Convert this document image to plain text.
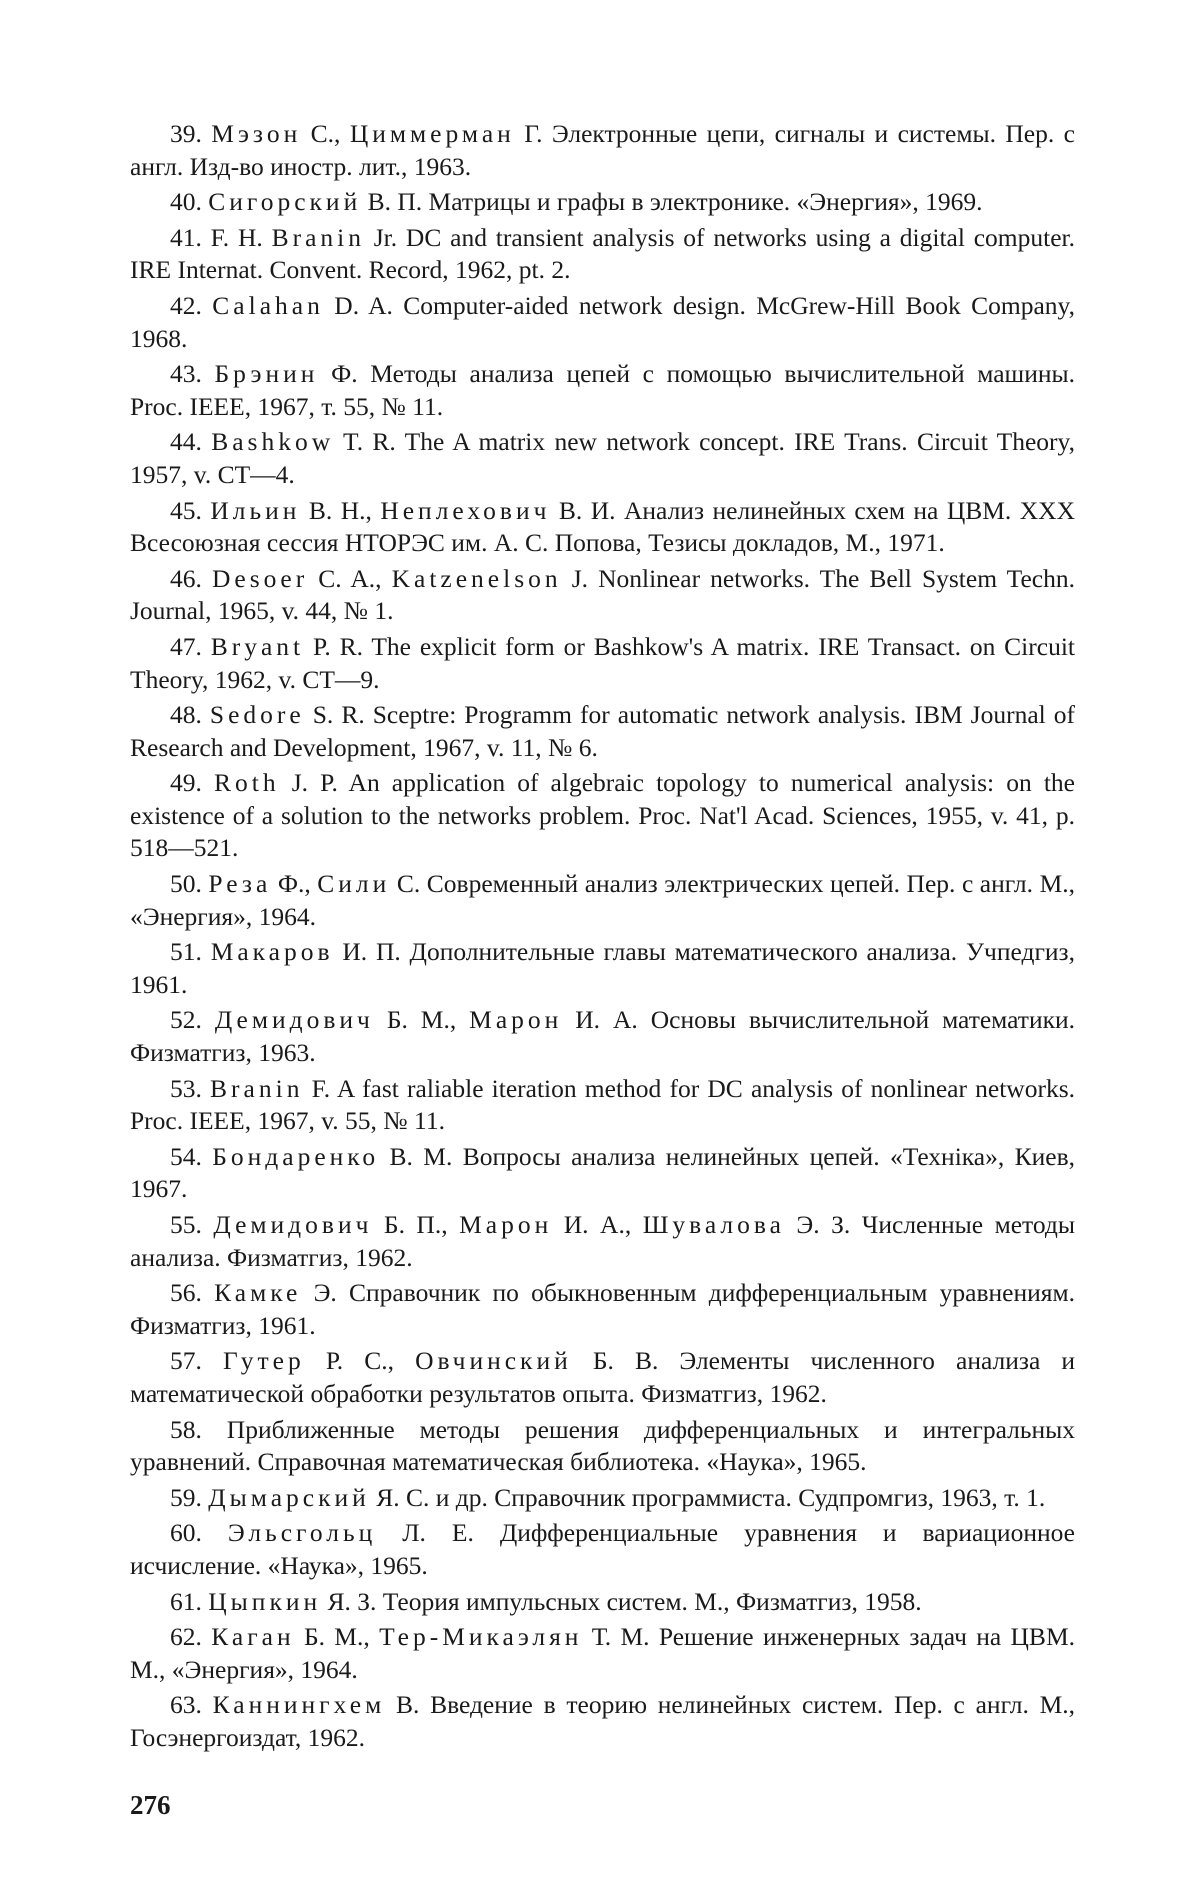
39. Мэзон С., Циммерман Г. Электронные цепи, сигналы и системы. Пер. с англ. Изд-во иностр. лит., 1963.

40. Сигорский В. П. Матрицы и графы в электронике. «Энергия», 1969.

41. F. H. Branin Jr. DC and transient analysis of networks using a digital computer. IRE Internat. Convent. Record, 1962, pt. 2.

42. Calahan D. A. Computer-aided network design. McGrew-Hill Book Company, 1968.

43. Брэнин Ф. Методы анализа цепей с помощью вычислительной машины. Proc. IEEE, 1967, т. 55, № 11.

44. Bashkow T. R. The A matrix new network concept. IRE Trans. Circuit Theory, 1957, v. CT—4.

45. Ильин В. Н., Неплехович В. И. Анализ нелинейных схем на ЦВМ. XXX Всесоюзная сессия НТОРЭС им. А. С. Попова, Тезисы докладов, М., 1971.

46. Desoer C. A., Katzenelson J. Nonlinear networks. The Bell System Techn. Journal, 1965, v. 44, № 1.

47. Bryant P. R. The explicit form or Bashkow's A matrix. IRE Transact. on Circuit Theory, 1962, v. CT—9.

48. Sedore S. R. Sceptre: Programm for automatic network analysis. IBM Journal of Research and Development, 1967, v. 11, № 6.

49. Roth J. P. An application of algebraic topology to numerical analysis: on the existence of a solution to the networks problem. Proc. Nat'l Acad. Sciences, 1955, v. 41, p. 518—521.

50. Реза Ф., Сили С. Современный анализ электрических цепей. Пер. с англ. М., «Энергия», 1964.

51. Макаров И. П. Дополнительные главы математического анализа. Учпедгиз, 1961.

52. Демидович Б. М., Марон И. А. Основы вычислительной математики. Физматгиз, 1963.

53. Branin F. A fast raliable iteration method for DC analysis of nonlinear networks. Proc. IEEE, 1967, v. 55, № 11.

54. Бондаренко В. М. Вопросы анализа нелинейных цепей. «Техніка», Киев, 1967.

55. Демидович Б. П., Марон И. А., Шувалова Э. З. Численные методы анализа. Физматгиз, 1962.

56. Камке Э. Справочник по обыкновенным дифференциальным уравнениям. Физматгиз, 1961.

57. Гутер Р. С., Овчинский Б. В. Элементы численного анализа и математической обработки результатов опыта. Физматгиз, 1962.

58. Приближенные методы решения дифференциальных и интегральных уравнений. Справочная математическая библиотека. «Наука», 1965.

59. Дымарский Я. С. и др. Справочник программиста. Судпромгиз, 1963, т. 1.

60. Эльсгольц Л. Е. Дифференциальные уравнения и вариационное исчисление. «Наука», 1965.

61. Цыпкин Я. З. Теория импульсных систем. М., Физматгиз, 1958.

62. Каган Б. М., Тер-Микаэлян Т. М. Решение инженерных задач на ЦВМ. М., «Энергия», 1964.

63. Каннингхем В. Введение в теорию нелинейных систем. Пер. с англ. М., Госэнергоиздат, 1962.

276
